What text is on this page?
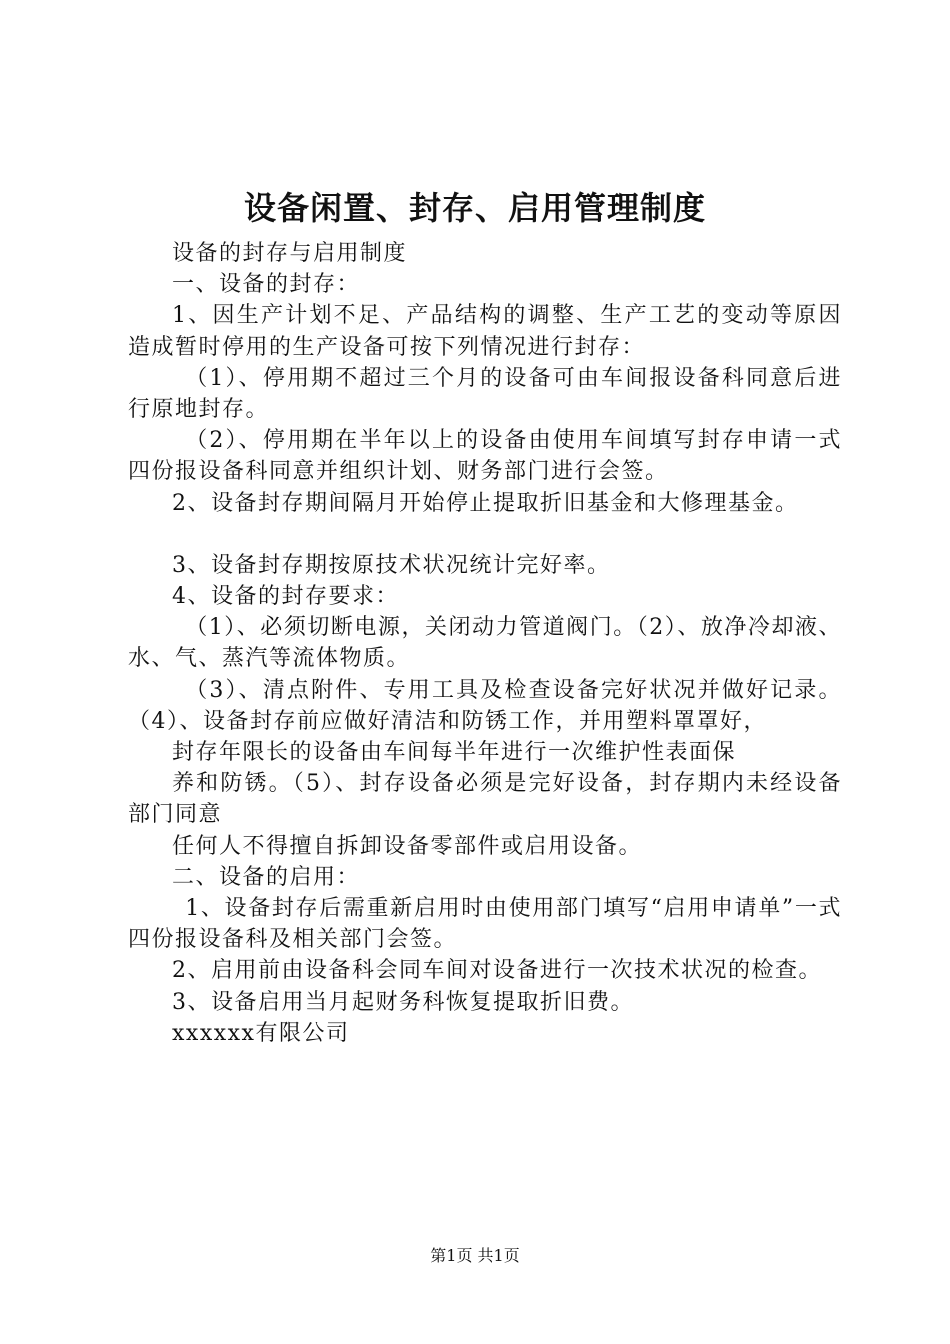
设备闲置、封存、启用管理制度

设备的封存与启用制度

一、设备的封存：

1、因生产计划不足、产品结构的调整、生产工艺的变动等原因造成暂时停用的生产设备可按下列情况进行封存：

（1）、停用期不超过三个月的设备可由车间报设备科同意后进行原地封存。

（2）、停用期在半年以上的设备由使用车间填写封存申请一式四份报设备科同意并组织计划、财务部门进行会签。

2、设备封存期间隔月开始停止提取折旧基金和大修理基金。

3、设备封存期按原技术状况统计完好率。

4、设备的封存要求：

（1）、必须切断电源，关闭动力管道阀门。（2）、放净冷却液、水、气、蒸汽等流体物质。

（3）、清点附件、专用工具及检查设备完好状况并做好记录。（4）、设备封存前应做好清洁和防锈工作，并用塑料罩罩好，

封存年限长的设备由车间每半年进行一次维护性表面保

养和防锈。（5）、封存设备必须是完好设备，封存期内未经设备部门同意

任何人不得擅自拆卸设备零部件或启用设备。

二、设备的启用：

1、设备封存后需重新启用时由使用部门填写“启用申请单”一式四份报设备科及相关部门会签。

2、启用前由设备科会同车间对设备进行一次技术状况的检查。

3、设备启用当月起财务科恢复提取折旧费。

xxxxxx有限公司

第1页 共1页
